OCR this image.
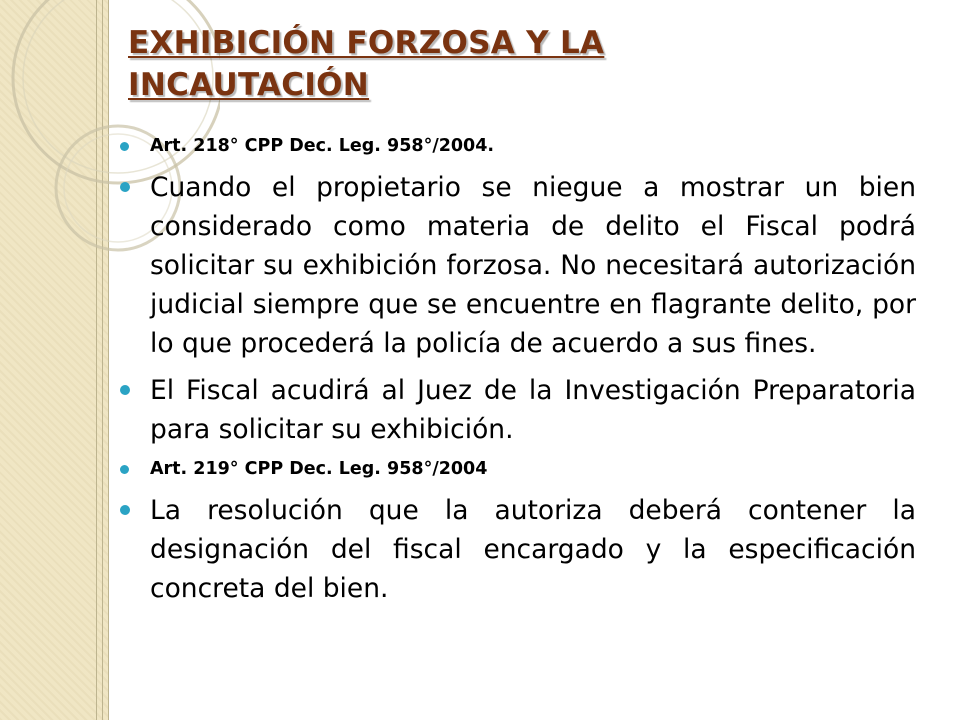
EXHIBICIÓN FORZOSA Y LA INCAUTACIÓN
Art. 218° CPP Dec. Leg. 958°/2004.
Cuando el propietario se niegue a mostrar un bien considerado como materia de delito el Fiscal podrá solicitar su exhibición forzosa. No necesitará autorización judicial siempre que se encuentre en flagrante delito, por lo que procederá la policía de acuerdo a sus fines.
El Fiscal acudirá al Juez de la Investigación Preparatoria para solicitar su exhibición.
Art. 219° CPP Dec. Leg. 958°/2004
La resolución que la autoriza deberá contener la designación del fiscal encargado y la especificación concreta del bien.
